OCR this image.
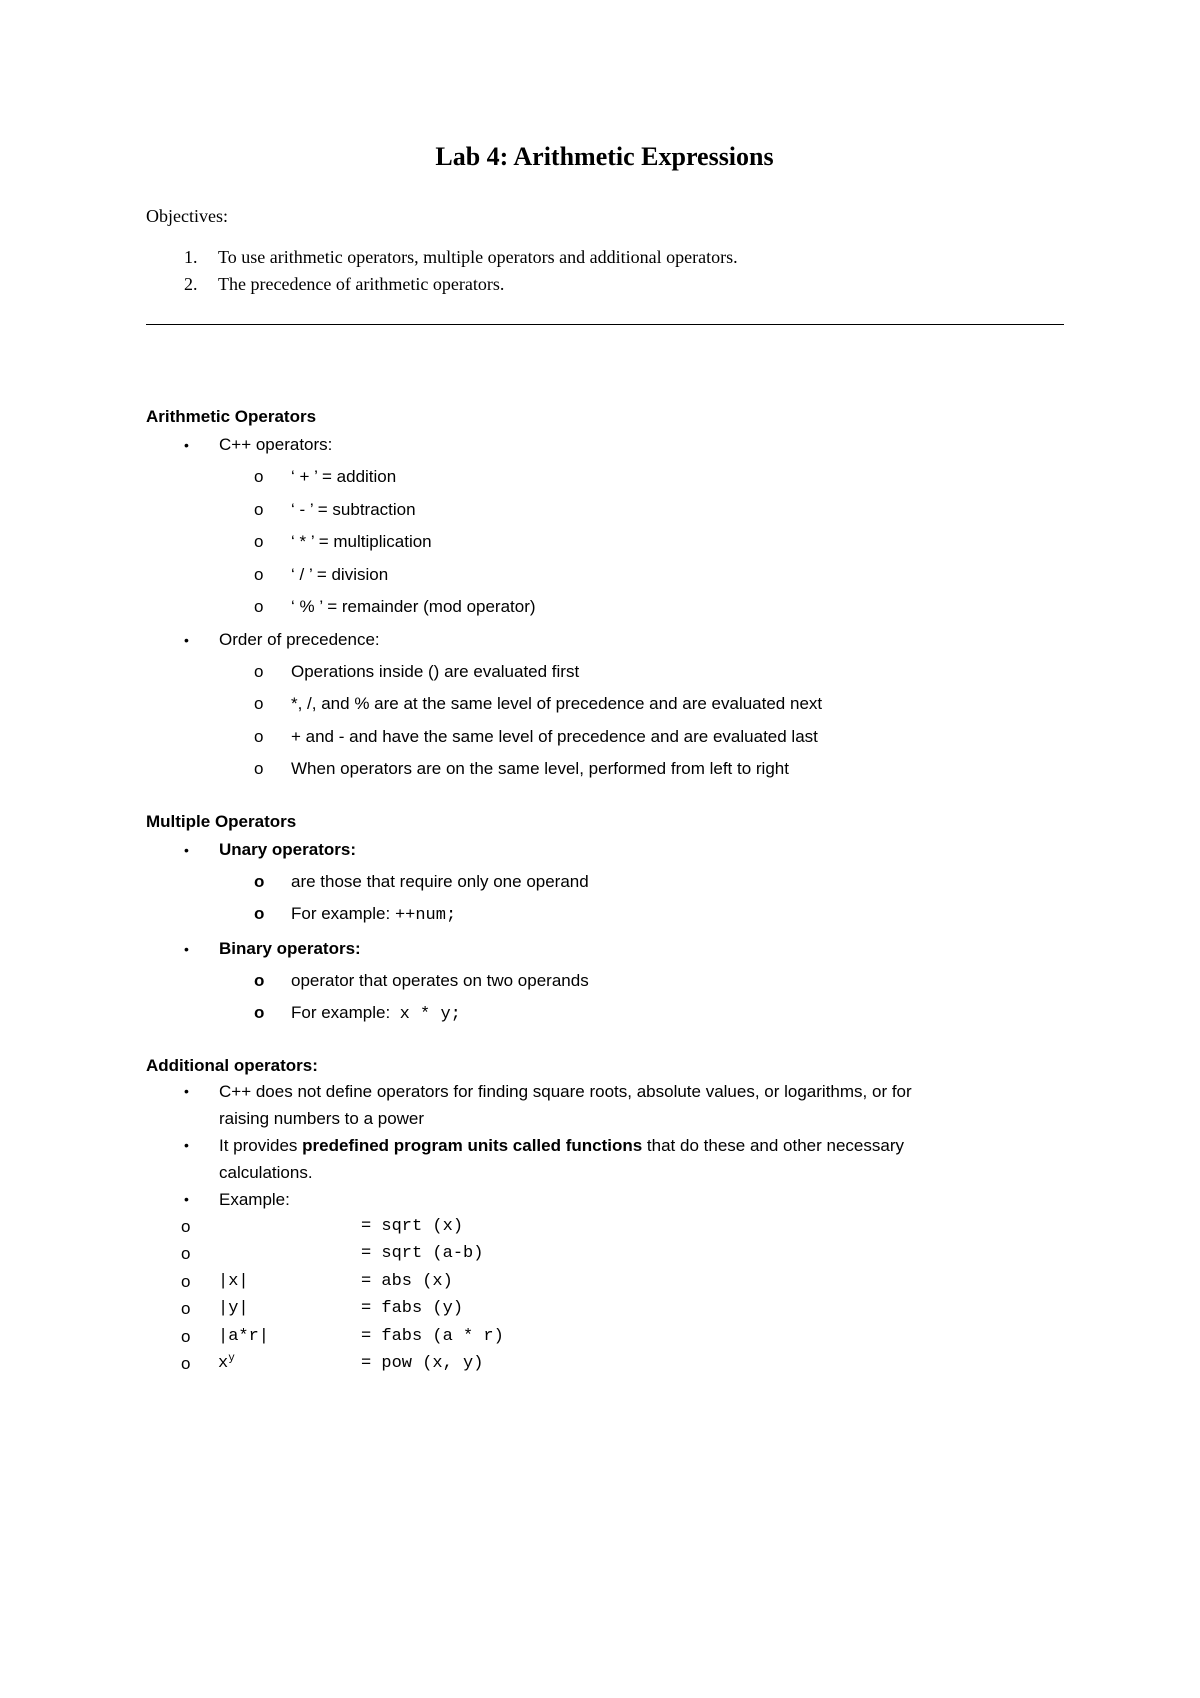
Lab 4: Arithmetic Expressions
Objectives:
1. To use arithmetic operators, multiple operators and additional operators.
2. The precedence of arithmetic operators.
Arithmetic Operators
• C++ operators:
o ‘ + ’ = addition
o ‘ - ’ = subtraction
o ‘ * ’ = multiplication
o ‘ / ’ = division
o ‘ % ’ = remainder (mod operator)
• Order of precedence:
o Operations inside () are evaluated first
o *, /, and % are at the same level of precedence and are evaluated next
o + and - and have the same level of precedence and are evaluated last
o When operators are on the same level, performed from left to right
Multiple Operators
• Unary operators:
o are those that require only one operand
o For example: ++num;
• Binary operators:
o operator that operates on two operands
o For example: x * y;
Additional operators:
• C++ does not define operators for finding square roots, absolute values, or logarithms, or for
raising numbers to a power
• It provides predefined program units called functions that do these and other necessary
calculations.
• Example:
o	= sqrt (x)
o	= sqrt (a-b)
o |x|	= abs (x)
o |y|	= fabs (y)
o |a*r|	= fabs (a * r)
o $x^y$	= pow (x, y)
